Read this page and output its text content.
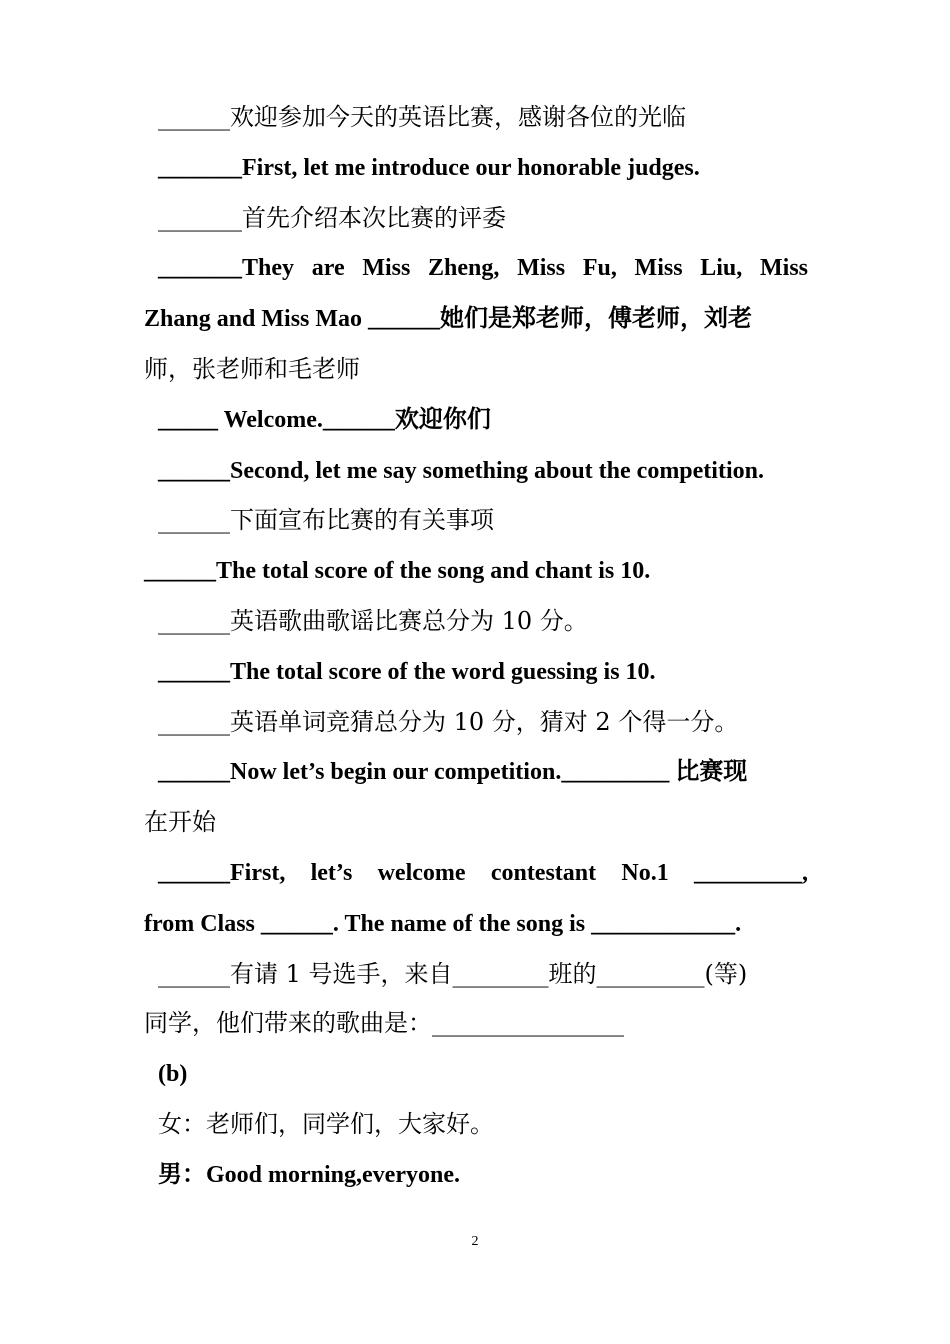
______欢迎参加今天的英语比赛，感谢各位的光临

_______First, let me introduce our honorable judges.

_______首先介绍本次比赛的评委

_______They are Miss Zheng, Miss Fu, Miss Liu, Miss

Zhang and Miss Mao ______她们是郑老师，傅老师，刘老

师，张老师和毛老师

_____ Welcome.______欢迎你们

______Second, let me say something about the competition.

______下面宣布比赛的有关事项

______The total score of the song and chant is 10.

______英语歌曲歌谣比赛总分为 10 分。

______The total score of the word guessing is 10.

______英语单词竞猜总分为 10 分，猜对 2 个得一分。

______Now let’s begin our competition._________ 比赛现

在开始

______First, let’s welcome contestant No.1 _________,

from Class ______. The name of the song is ____________.

______有请 1 号选手，来自________班的_________(等)

同学，他们带来的歌曲是：________________

(b)

女：老师们，同学们，大家好。

男：Good morning,everyone.

2
